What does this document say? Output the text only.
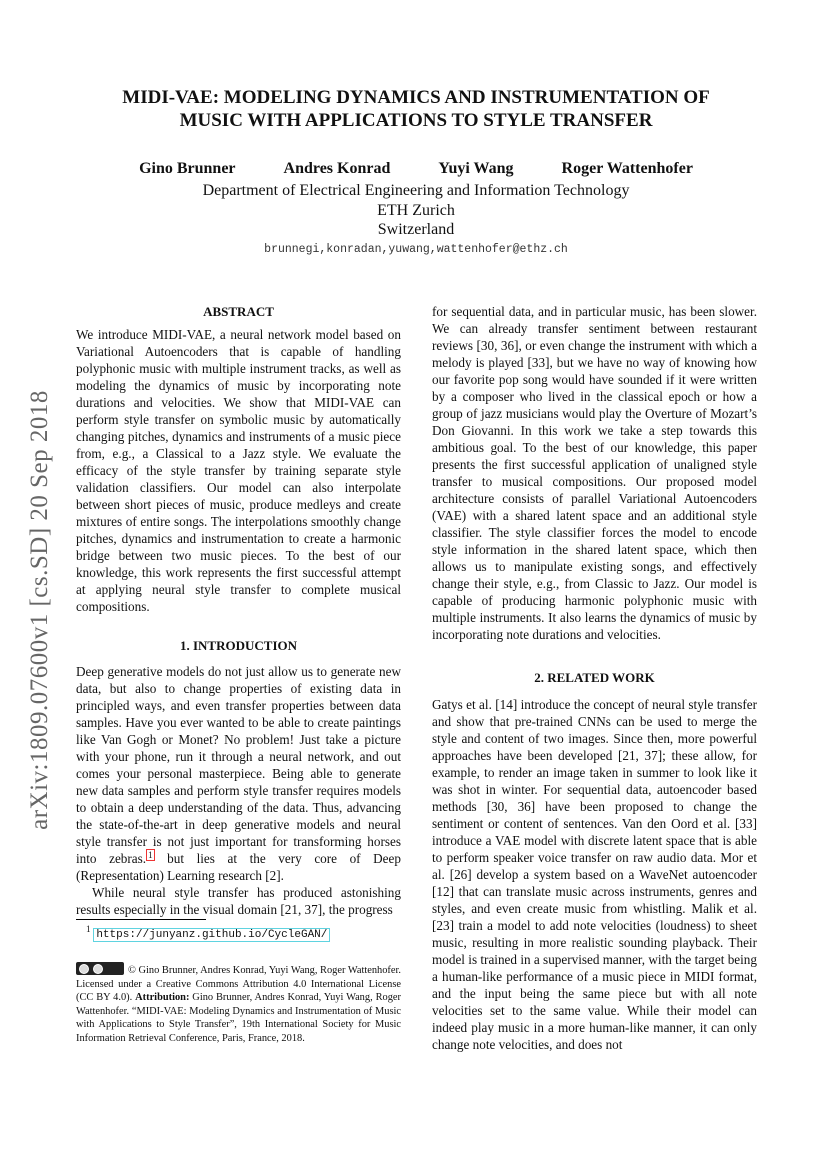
arXiv:1809.07600v1 [cs.SD] 20 Sep 2018
MIDI-VAE: MODELING DYNAMICS AND INSTRUMENTATION OF
MUSIC WITH APPLICATIONS TO STYLE TRANSFER
Gino Brunner	Andres Konrad	Yuyi Wang	Roger Wattenhofer
Department of Electrical Engineering and Information Technology
ETH Zurich
Switzerland
brunnegi,konradan,yuwang,wattenhofer@ethz.ch
ABSTRACT

We introduce MIDI-VAE, a neural network model based on Variational Autoencoders that is capable of handling polyphonic music with multiple instrument tracks, as well as modeling the dynamics of music by incorporating note durations and velocities. We show that MIDI-VAE can perform style transfer on symbolic music by automatically changing pitches, dynamics and instruments of a music piece from, e.g., a Classical to a Jazz style. We evaluate the efficacy of the style transfer by training separate style validation classifiers. Our model can also interpolate between short pieces of music, produce medleys and create mixtures of entire songs. The interpolations smoothly change pitches, dynamics and instrumentation to create a harmonic bridge between two music pieces. To the best of our knowledge, this work represents the first successful attempt at applying neural style transfer to complete musical compositions.

1. INTRODUCTION

Deep generative models do not just allow us to generate new data, but also to change properties of existing data in principled ways, and even transfer properties between data samples. Have you ever wanted to be able to create paintings like Van Gogh or Monet? No problem! Just take a picture with your phone, run it through a neural network, and out comes your personal masterpiece. Being able to generate new data samples and perform style transfer requires models to obtain a deep understanding of the data. Thus, advancing the state-of-the-art in deep generative models and neural style transfer is not just important for transforming horses into zebras. $^1$ but lies at the very core of Deep (Representation) Learning research [2].

While neural style transfer has produced astonishing results especially in the visual domain [21, 37], the progress

$^1$ https://junyanz.github.io/CycleGAN/
© Gino Brunner, Andres Konrad, Yuyi Wang, Roger Wattenhofer. Licensed under a Creative Commons Attribution 4.0 International License (CC BY 4.0). Attribution: Gino Brunner, Andres Konrad, Yuyi Wang, Roger Wattenhofer. “MIDI-VAE: Modeling Dynamics and Instrumentation of Music with Applications to Style Transfer”, 19th International Society for Music Information Retrieval Conference, Paris, France, 2018.

for sequential data, and in particular music, has been slower. We can already transfer sentiment between restaurant reviews [30, 36], or even change the instrument with which a melody is played [33], but we have no way of knowing how our favorite pop song would have sounded if it were written by a composer who lived in the classical epoch or how a group of jazz musicians would play the Overture of Mozart’s Don Giovanni. In this work we take a step towards this ambitious goal. To the best of our knowledge, this paper presents the first successful application of unaligned style transfer to musical compositions. Our proposed model architecture consists of parallel Variational Autoencoders (VAE) with a shared latent space and an additional style classifier. The style classifier forces the model to encode style information in the shared latent space, which then allows us to manipulate existing songs, and effectively change their style, e.g., from Classic to Jazz. Our model is capable of producing harmonic polyphonic music with multiple instruments. It also learns the dynamics of music by incorporating note durations and velocities.

2. RELATED WORK

Gatys et al. [14] introduce the concept of neural style transfer and show that pre-trained CNNs can be used to merge the style and content of two images. Since then, more powerful approaches have been developed [21, 37]; these allow, for example, to render an image taken in summer to look like it was shot in winter. For sequential data, autoencoder based methods [30, 36] have been proposed to change the sentiment or content of sentences. Van den Oord et al. [33] introduce a VAE model with discrete latent space that is able to perform speaker voice transfer on raw audio data. Mor et al. [26] develop a system based on a WaveNet autoencoder [12] that can translate music across instruments, genres and styles, and even create music from whistling. Malik et al. [23] train a model to add note velocities (loudness) to sheet music, resulting in more realistic sounding playback. Their model is trained in a supervised manner, with the target being a human-like performance of a music piece in MIDI format, and the input being the same piece but with all note velocities set to the same value. While their model can indeed play music in a more human-like manner, it can only change note velocities, and does not
